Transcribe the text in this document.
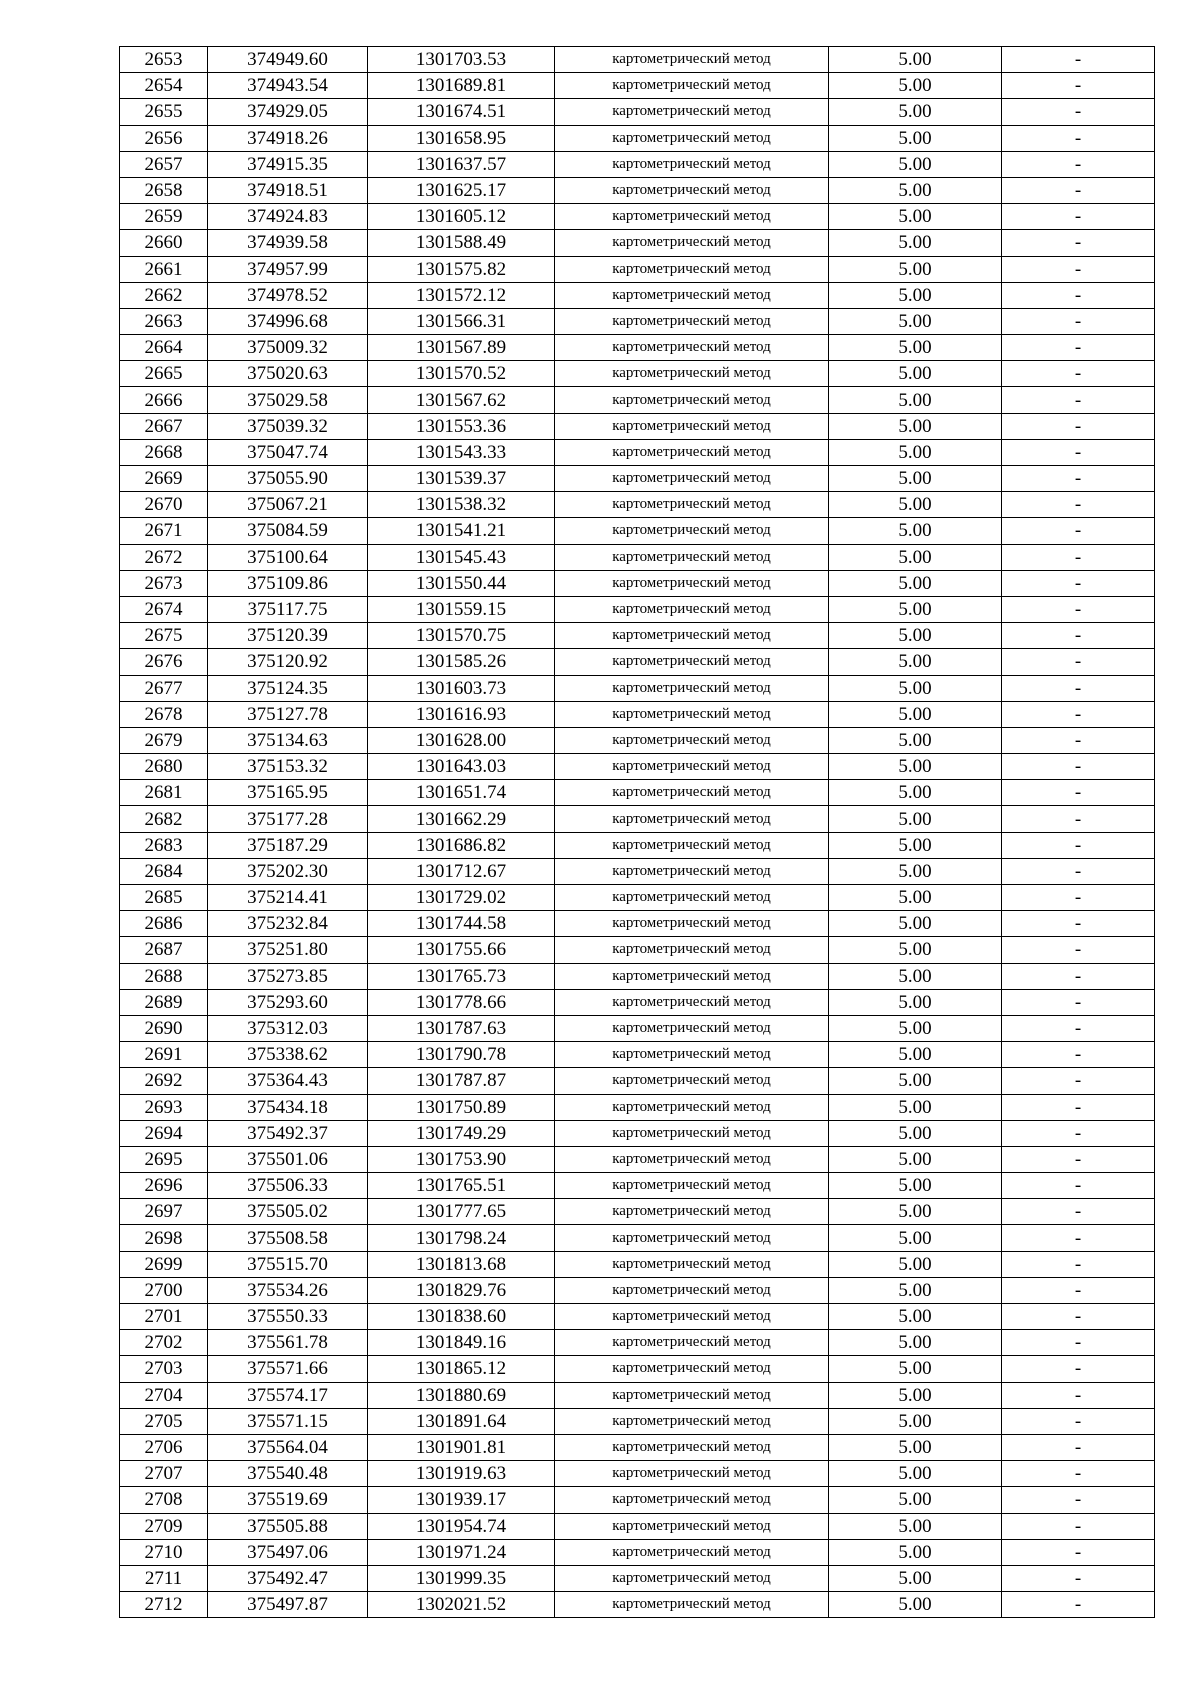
2653	374949.60	1301703.53	картометрический метод	5.00	-
2654	374943.54	1301689.81	картометрический метод	5.00	-
2655	374929.05	1301674.51	картометрический метод	5.00	-
2656	374918.26	1301658.95	картометрический метод	5.00	-
2657	374915.35	1301637.57	картометрический метод	5.00	-
2658	374918.51	1301625.17	картометрический метод	5.00	-
2659	374924.83	1301605.12	картометрический метод	5.00	-
2660	374939.58	1301588.49	картометрический метод	5.00	-
2661	374957.99	1301575.82	картометрический метод	5.00	-
2662	374978.52	1301572.12	картометрический метод	5.00	-
2663	374996.68	1301566.31	картометрический метод	5.00	-
2664	375009.32	1301567.89	картометрический метод	5.00	-
2665	375020.63	1301570.52	картометрический метод	5.00	-
2666	375029.58	1301567.62	картометрический метод	5.00	-
2667	375039.32	1301553.36	картометрический метод	5.00	-
2668	375047.74	1301543.33	картометрический метод	5.00	-
2669	375055.90	1301539.37	картометрический метод	5.00	-
2670	375067.21	1301538.32	картометрический метод	5.00	-
2671	375084.59	1301541.21	картометрический метод	5.00	-
2672	375100.64	1301545.43	картометрический метод	5.00	-
2673	375109.86	1301550.44	картометрический метод	5.00	-
2674	375117.75	1301559.15	картометрический метод	5.00	-
2675	375120.39	1301570.75	картометрический метод	5.00	-
2676	375120.92	1301585.26	картометрический метод	5.00	-
2677	375124.35	1301603.73	картометрический метод	5.00	-
2678	375127.78	1301616.93	картометрический метод	5.00	-
2679	375134.63	1301628.00	картометрический метод	5.00	-
2680	375153.32	1301643.03	картометрический метод	5.00	-
2681	375165.95	1301651.74	картометрический метод	5.00	-
2682	375177.28	1301662.29	картометрический метод	5.00	-
2683	375187.29	1301686.82	картометрический метод	5.00	-
2684	375202.30	1301712.67	картометрический метод	5.00	-
2685	375214.41	1301729.02	картометрический метод	5.00	-
2686	375232.84	1301744.58	картометрический метод	5.00	-
2687	375251.80	1301755.66	картометрический метод	5.00	-
2688	375273.85	1301765.73	картометрический метод	5.00	-
2689	375293.60	1301778.66	картометрический метод	5.00	-
2690	375312.03	1301787.63	картометрический метод	5.00	-
2691	375338.62	1301790.78	картометрический метод	5.00	-
2692	375364.43	1301787.87	картометрический метод	5.00	-
2693	375434.18	1301750.89	картометрический метод	5.00	-
2694	375492.37	1301749.29	картометрический метод	5.00	-
2695	375501.06	1301753.90	картометрический метод	5.00	-
2696	375506.33	1301765.51	картометрический метод	5.00	-
2697	375505.02	1301777.65	картометрический метод	5.00	-
2698	375508.58	1301798.24	картометрический метод	5.00	-
2699	375515.70	1301813.68	картометрический метод	5.00	-
2700	375534.26	1301829.76	картометрический метод	5.00	-
2701	375550.33	1301838.60	картометрический метод	5.00	-
2702	375561.78	1301849.16	картометрический метод	5.00	-
2703	375571.66	1301865.12	картометрический метод	5.00	-
2704	375574.17	1301880.69	картометрический метод	5.00	-
2705	375571.15	1301891.64	картометрический метод	5.00	-
2706	375564.04	1301901.81	картометрический метод	5.00	-
2707	375540.48	1301919.63	картометрический метод	5.00	-
2708	375519.69	1301939.17	картометрический метод	5.00	-
2709	375505.88	1301954.74	картометрический метод	5.00	-
2710	375497.06	1301971.24	картометрический метод	5.00	-
2711	375492.47	1301999.35	картометрический метод	5.00	-
2712	375497.87	1302021.52	картометрический метод	5.00	-
